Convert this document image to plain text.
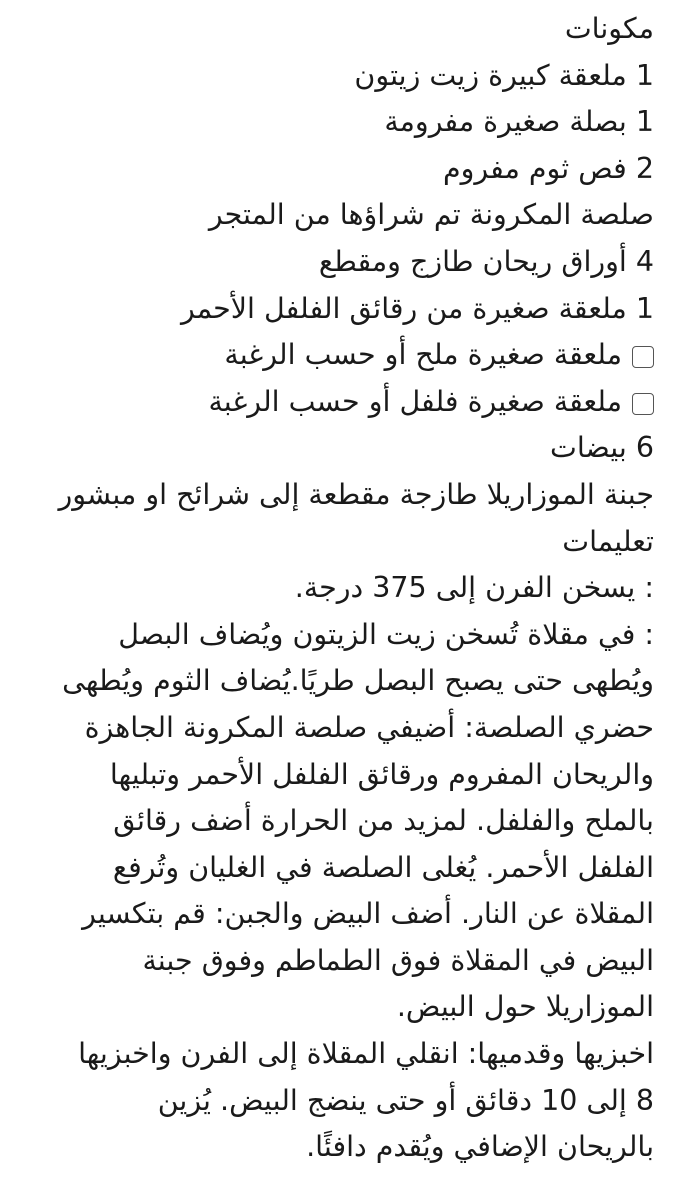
مكونات

1 ملعقة كبيرة زيت زيتون

1 بصلة صغيرة مفرومة

2 فص ثوم مفروم

صلصة المكرونة تم شراؤها من المتجر

4 أوراق ريحان طازج ومقطع

1 ملعقة صغيرة من رقائق الفلفل الأحمر

ملعقة صغيرة ملح أو حسب الرغبة
ملعقة صغيرة فلفل أو حسب الرغبة

6 بيضات

جبنة الموزاريلا طازجة مقطعة إلى شرائح او مبشور

تعليمات

: يسخن الفرن إلى 375 درجة.

: في مقلاة تُسخن زيت الزيتون ويُضاف البصل

ويُطهى حتى يصبح البصل طريًا.يُضاف الثوم ويُطهى

حضري الصلصة: أضيفي صلصة المكرونة الجاهزة

والريحان المفروم ورقائق الفلفل الأحمر وتبليها

بالملح والفلفل. لمزيد من الحرارة أضف رقائق

الفلفل الأحمر. يُغلى الصلصة في الغليان وتُرفع

المقلاة عن النار. أضف البيض والجبن: قم بتكسير

البيض في المقلاة فوق الطماطم وفوق جبنة

الموزاريلا حول البيض.

اخبزيها وقدميها: انقلي المقلاة إلى الفرن واخبزيها

8 إلى 10 دقائق أو حتى ينضج البيض. يُزين

بالريحان الإضافي ويُقدم دافئًا.
